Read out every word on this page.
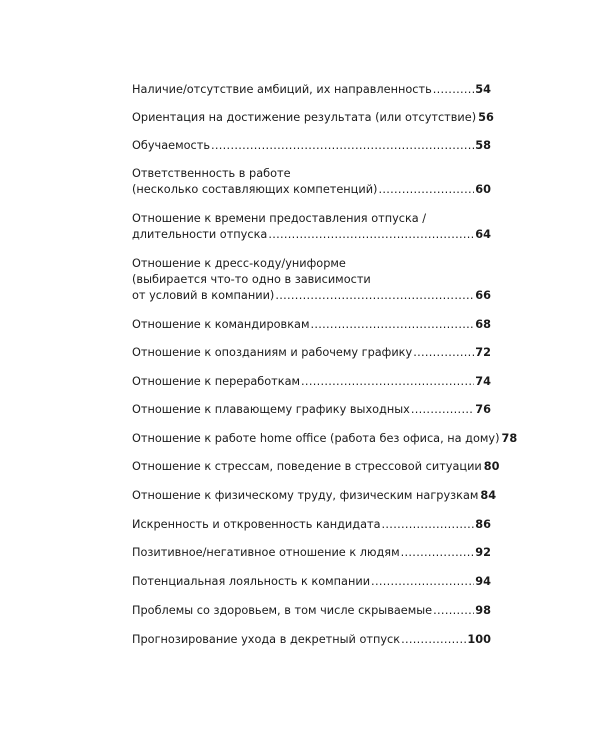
Наличие/отсутствие амбиций, их направленность .....	54
Ориентация на достижение результата (или отсутствие) 56
Обучаемость .....	58
Ответственность в работе
(несколько составляющих компетенций) .....	60
Отношение к времени предоставления отпуска /
длительности отпуска .....	64
Отношение к дресс-коду/униформе
(выбирается что-то одно в зависимости
от условий в компании) .....	66
Отношение к командировкам .....	68
Отношение к опозданиям и рабочему графику .....	72
Отношение к переработкам .....	74
Отношение к плавающему графику выходных .....	76
Отношение к работе home office (работа без офиса, на дому) 78
Отношение к стрессам, поведение в стрессовой ситуации 80
Отношение к физическому труду, физическим нагрузкам 84
Искренность и откровенность кандидата .....	86
Позитивное/негативное отношение к людям .....	92
Потенциальная лояльность к компании .....	94
Проблемы со здоровьем, в том числе скрываемые .....	98
Прогнозирование ухода в декретный отпуск .....	100
